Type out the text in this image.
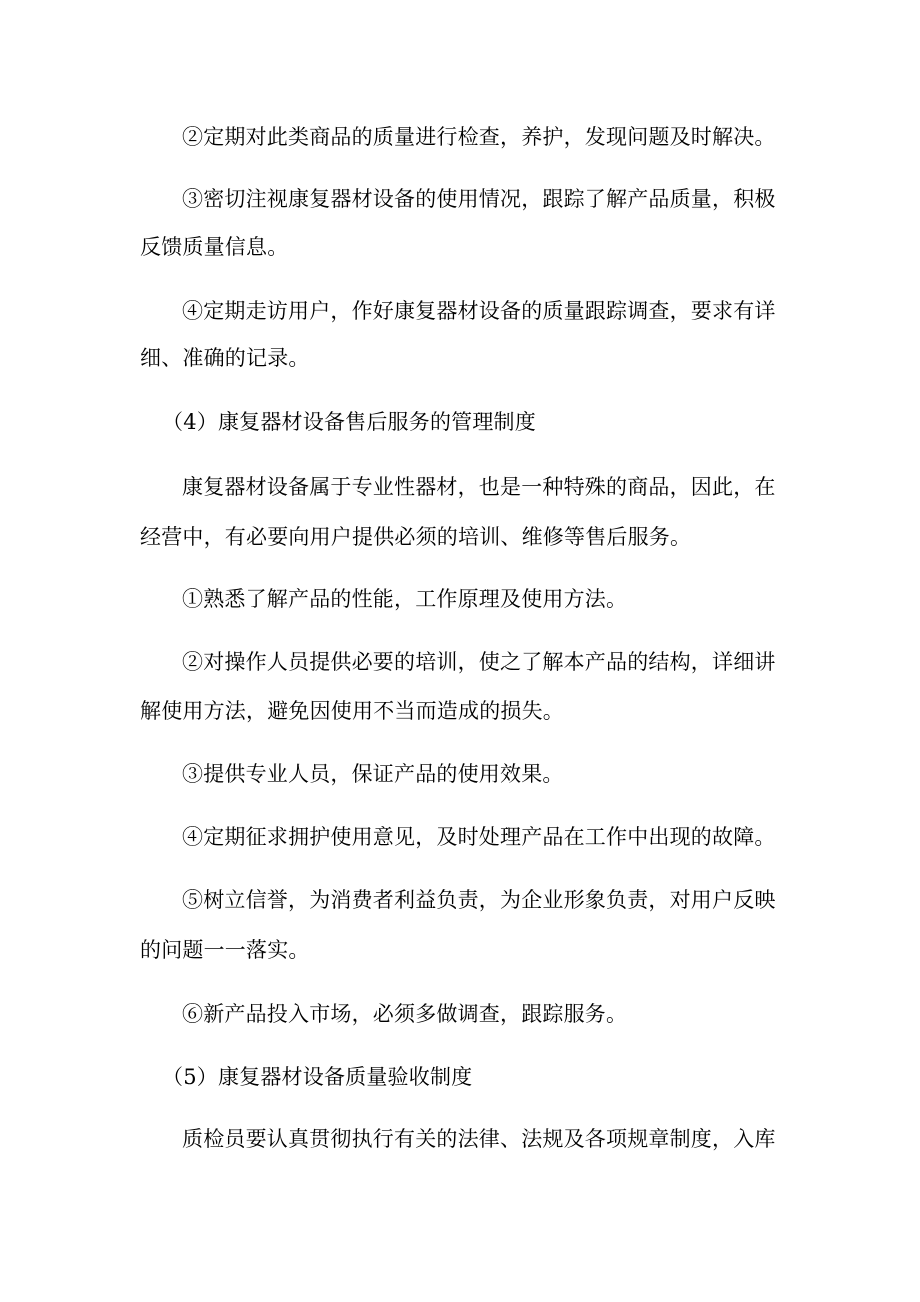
②定期对此类商品的质量进行检查，养护，发现问题及时解决。
③密切注视康复器材设备的使用情况，跟踪了解产品质量，积极
反馈质量信息。
④定期走访用户，作好康复器材设备的质量跟踪调查，要求有详
细、准确的记录。
（4）康复器材设备售后服务的管理制度
康复器材设备属于专业性器材，也是一种特殊的商品，因此，在
经营中，有必要向用户提供必须的培训、维修等售后服务。
①熟悉了解产品的性能，工作原理及使用方法。
②对操作人员提供必要的培训，使之了解本产品的结构，详细讲
解使用方法，避免因使用不当而造成的损失。
③提供专业人员，保证产品的使用效果。
④定期征求拥护使用意见，及时处理产品在工作中出现的故障。
⑤树立信誉，为消费者利益负责，为企业形象负责，对用户反映
的问题一一落实。
⑥新产品投入市场，必须多做调查，跟踪服务。
（5）康复器材设备质量验收制度
质检员要认真贯彻执行有关的法律、法规及各项规章制度，入库
